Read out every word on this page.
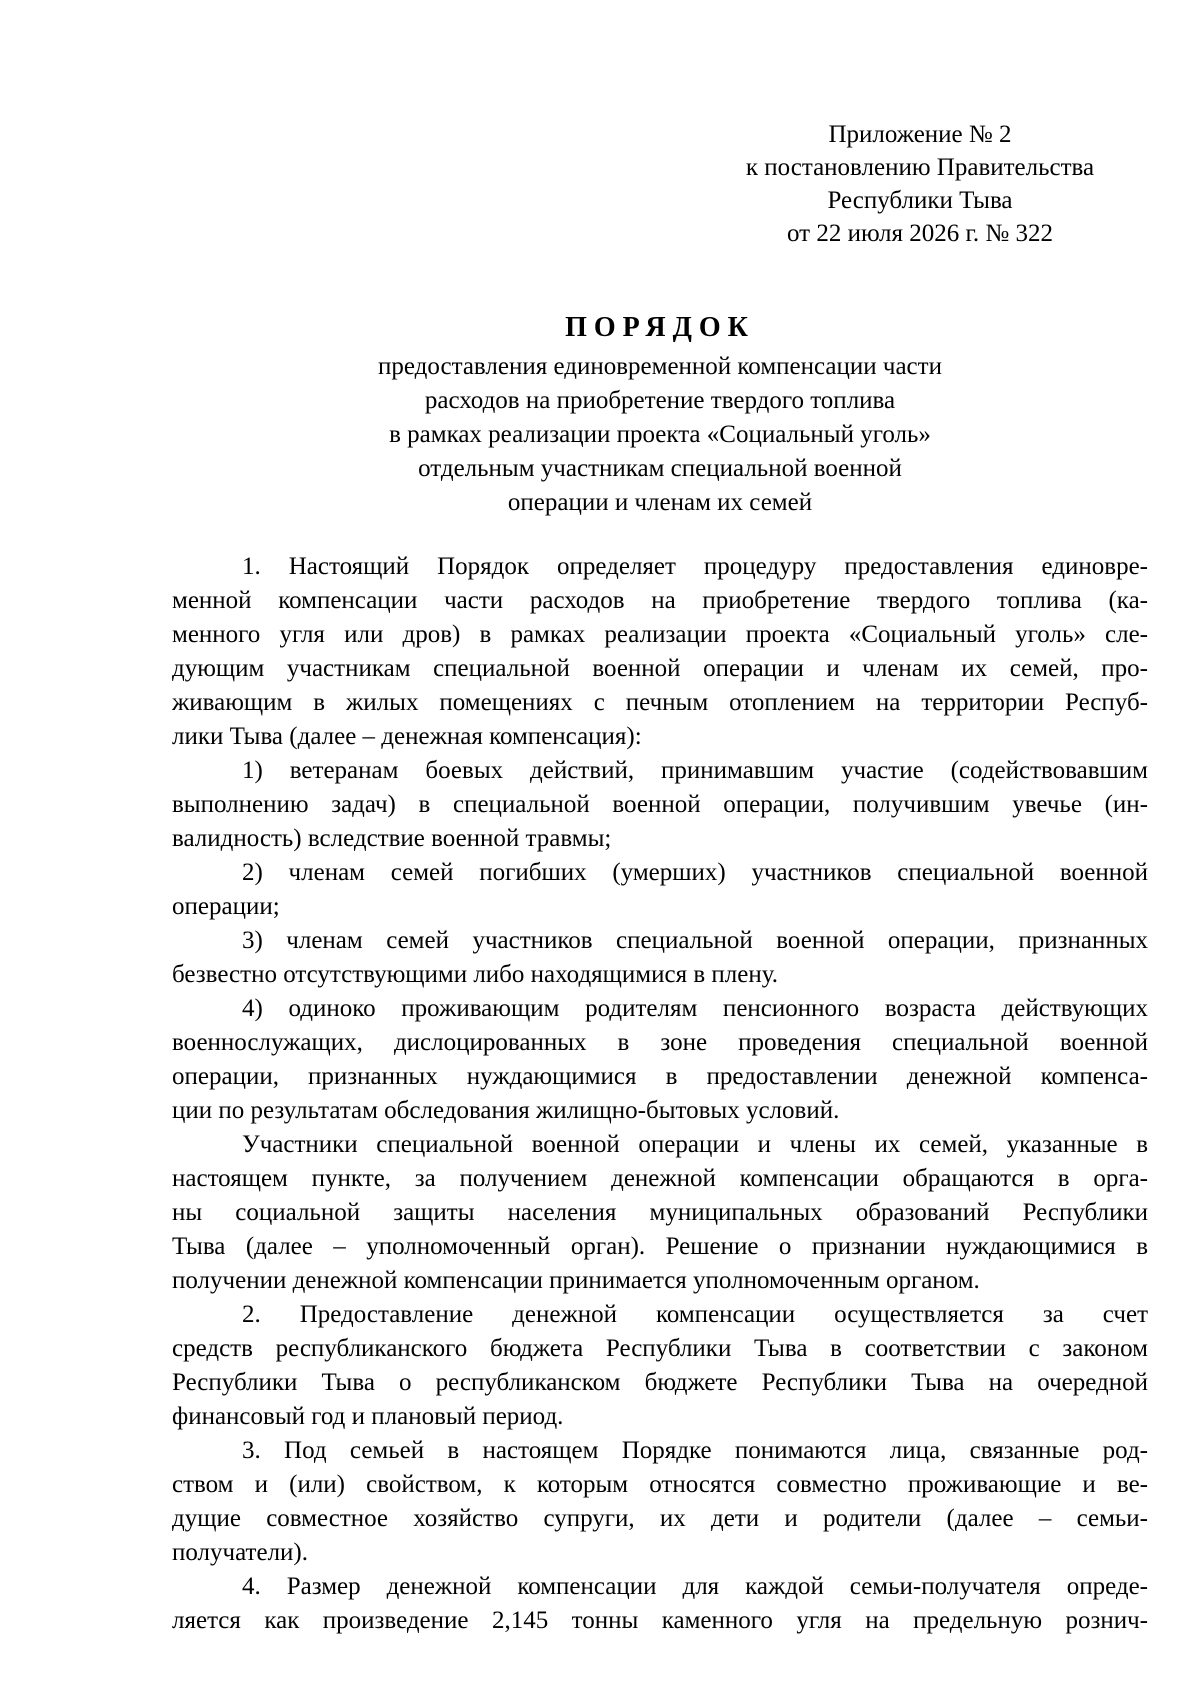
Приложение № 2
к постановлению Правительства
Республики Тыва
от 22 июля 2026 г. № 322
ПОРЯДОК
предоставления единовременной компенсации части
расходов на приобретение твердого топлива
в рамках реализации проекта «Социальный уголь»
отдельным участникам специальной военной
операции и членам их семей
1. Настоящий Порядок определяет процедуру предоставления единовре-
менной компенсации части расходов на приобретение твердого топлива (ка-
менного угля или дров) в рамках реализации проекта «Социальный уголь» сле-
дующим участникам специальной военной операции и членам их семей, про-
живающим в жилых помещениях с печным отоплением на территории Респуб-
лики Тыва (далее – денежная компенсация):
1) ветеранам боевых действий, принимавшим участие (содействовавшим
выполнению задач) в специальной военной операции, получившим увечье (ин-
валидность) вследствие военной травмы;
2) членам семей погибших (умерших) участников специальной военной
операции;
3) членам семей участников специальной военной операции, признанных
безвестно отсутствующими либо находящимися в плену.
4) одиноко проживающим родителям пенсионного возраста действующих
военнослужащих, дислоцированных в зоне проведения специальной военной
операции, признанных нуждающимися в предоставлении денежной компенса-
ции по результатам обследования жилищно-бытовых условий.
Участники специальной военной операции и члены их семей, указанные в
настоящем пункте, за получением денежной компенсации обращаются в орга-
ны социальной защиты населения муниципальных образований Республики
Тыва (далее – уполномоченный орган). Решение о признании нуждающимися в
получении денежной компенсации принимается уполномоченным органом.
2. Предоставление денежной компенсации осуществляется за счет
средств республиканского бюджета Республики Тыва в соответствии с законом
Республики Тыва о республиканском бюджете Республики Тыва на очередной
финансовый год и плановый период.
3. Под семьей в настоящем Порядке понимаются лица, связанные род-
ством и (или) свойством, к которым относятся совместно проживающие и ве-
дущие совместное хозяйство супруги, их дети и родители (далее – семьи-
получатели).
4. Размер денежной компенсации для каждой семьи-получателя опреде-
ляется как произведение 2,145 тонны каменного угля на предельную рознич-
